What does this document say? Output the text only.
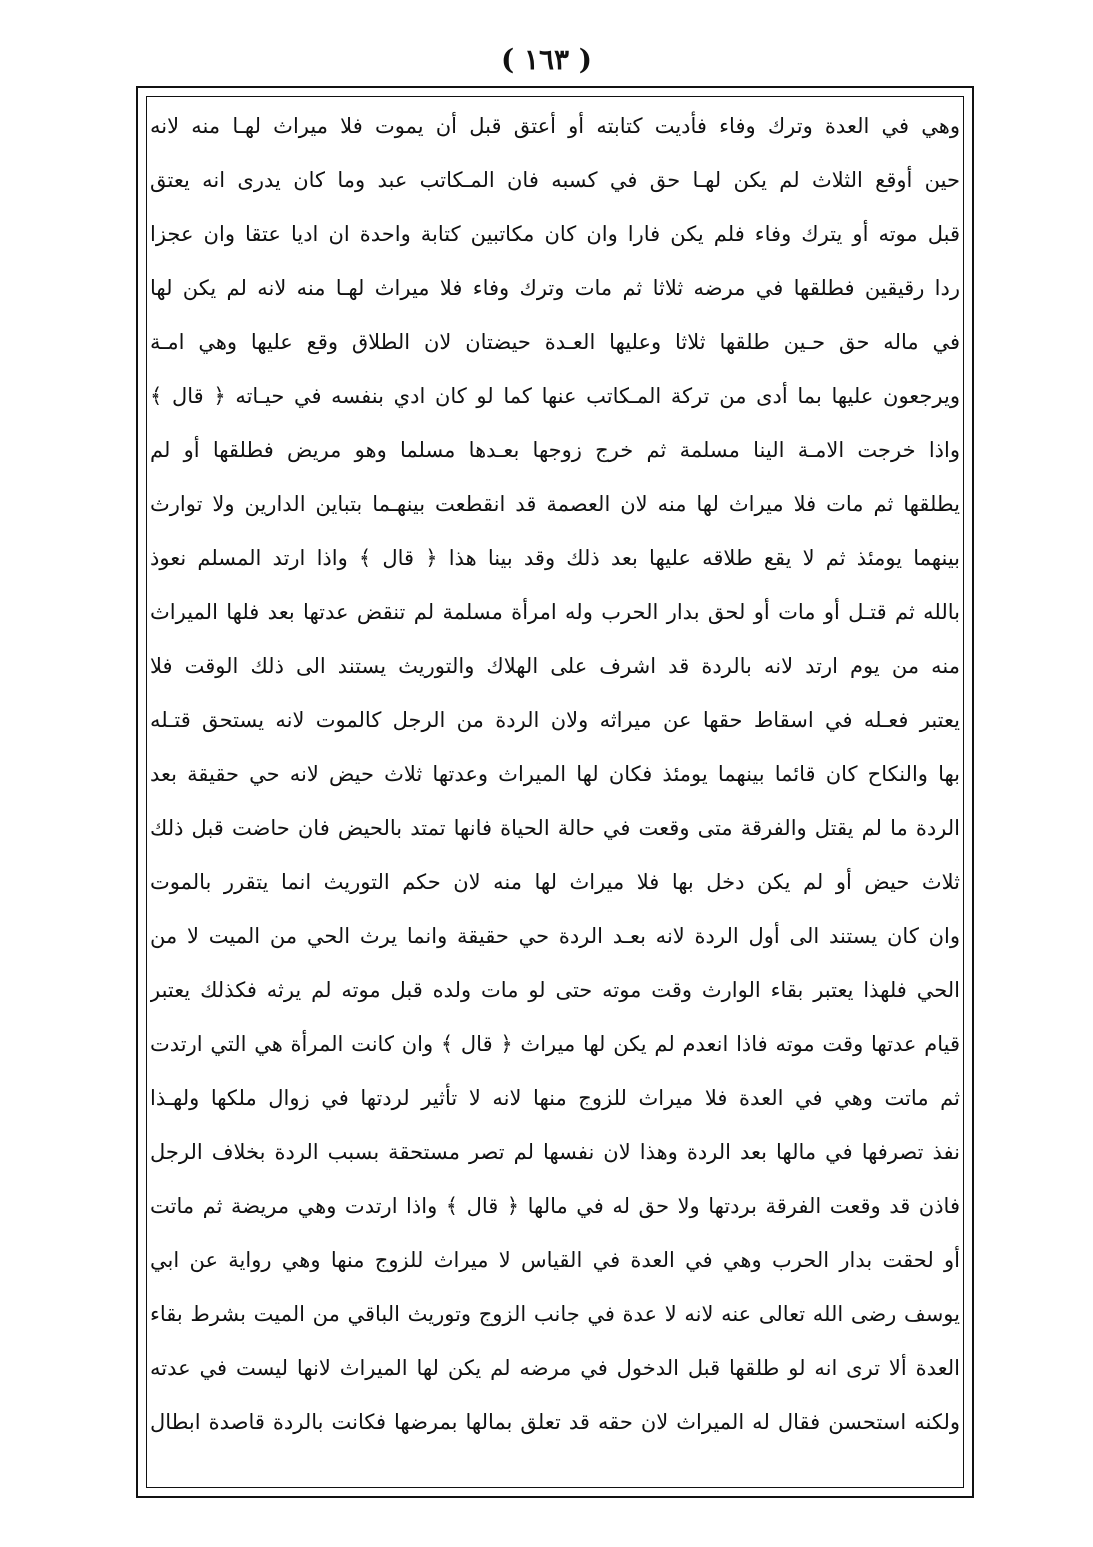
( ١٦٣ )
وهي في العدة وترك وفاء فأديت كتابته أو أعتق قبل أن يموت فلا ميراث لهـا منه لانه
حين أوقع الثلاث لم يكن لهـا حق في كسبه فان المـكاتب عبد وما كان يدرى انه يعتق
قبل موته أو يترك وفاء فلم يكن فارا وان كان مكاتبين كتابة واحدة ان اديا عتقا وان عجزا
ردا رقيقين فطلقها في مرضه ثلاثا ثم مات وترك وفاء فلا ميراث لهـا منه لانه لم يكن لها
في ماله حق حـين طلقها ثلاثا وعليها العـدة حيضتان لان الطلاق وقع عليها وهي امـة
ويرجعون عليها بما أدى من تركة المـكاتب عنها كما لو كان ادي بنفسه في حيـاته ﴿ قال ﴾
واذا خرجت الامـة الينا مسلمة ثم خرج زوجها بعـدها مسلما وهو مريض فطلقها أو لم
يطلقها ثم مات فلا ميراث لها منه لان العصمة قد انقطعت بينهـما بتباين الدارين ولا توارث
بينهما يومئذ ثم لا يقع طلاقه عليها بعد ذلك وقد بينا هذا ﴿ قال ﴾ واذا ارتد المسلم نعوذ
بالله ثم قتـل أو مات أو لحق بدار الحرب وله امرأة مسلمة لم تنقض عدتها بعد فلها الميراث
منه من يوم ارتد لانه بالردة قد اشرف على الهلاك والتوريث يستند الى ذلك الوقت فلا
يعتبر فعـله في اسقاط حقها عن ميراثه ولان الردة من الرجل كالموت لانه يستحق قتـله
بها والنكاح كان قائما بينهما يومئذ فكان لها الميراث وعدتها ثلاث حيض لانه حي حقيقة بعد
الردة ما لم يقتل والفرقة متى وقعت في حالة الحياة فانها تمتد بالحيض فان حاضت قبل ذلك
ثلاث حيض أو لم يكن دخل بها فلا ميراث لها منه لان حكم التوريث انما يتقرر بالموت
وان كان يستند الى أول الردة لانه بعـد الردة حي حقيقة وانما يرث الحي من الميت لا من
الحي فلهذا يعتبر بقاء الوارث وقت موته حتى لو مات ولده قبل موته لم يرثه فكذلك يعتبر
قيام عدتها وقت موته فاذا انعدم لم يكن لها ميراث ﴿ قال ﴾ وان كانت المرأة هي التي ارتدت
ثم ماتت وهي في العدة فلا ميراث للزوج منها لانه لا تأثير لردتها في زوال ملكها ولهـذا
نفذ تصرفها في مالها بعد الردة وهذا لان نفسها لم تصر مستحقة بسبب الردة بخلاف الرجل
فاذن قد وقعت الفرقة بردتها ولا حق له في مالها ﴿ قال ﴾ واذا ارتدت وهي مريضة ثم ماتت
أو لحقت بدار الحرب وهي في العدة في القياس لا ميراث للزوج منها وهي رواية عن ابي
يوسف رضى الله تعالى عنه لانه لا عدة في جانب الزوج وتوريث الباقي من الميت بشرط بقاء
العدة ألا ترى انه لو طلقها قبل الدخول في مرضه لم يكن لها الميراث لانها ليست في عدته
ولكنه استحسن فقال له الميراث لان حقه قد تعلق بمالها بمرضها فكانت بالردة قاصدة ابطال
